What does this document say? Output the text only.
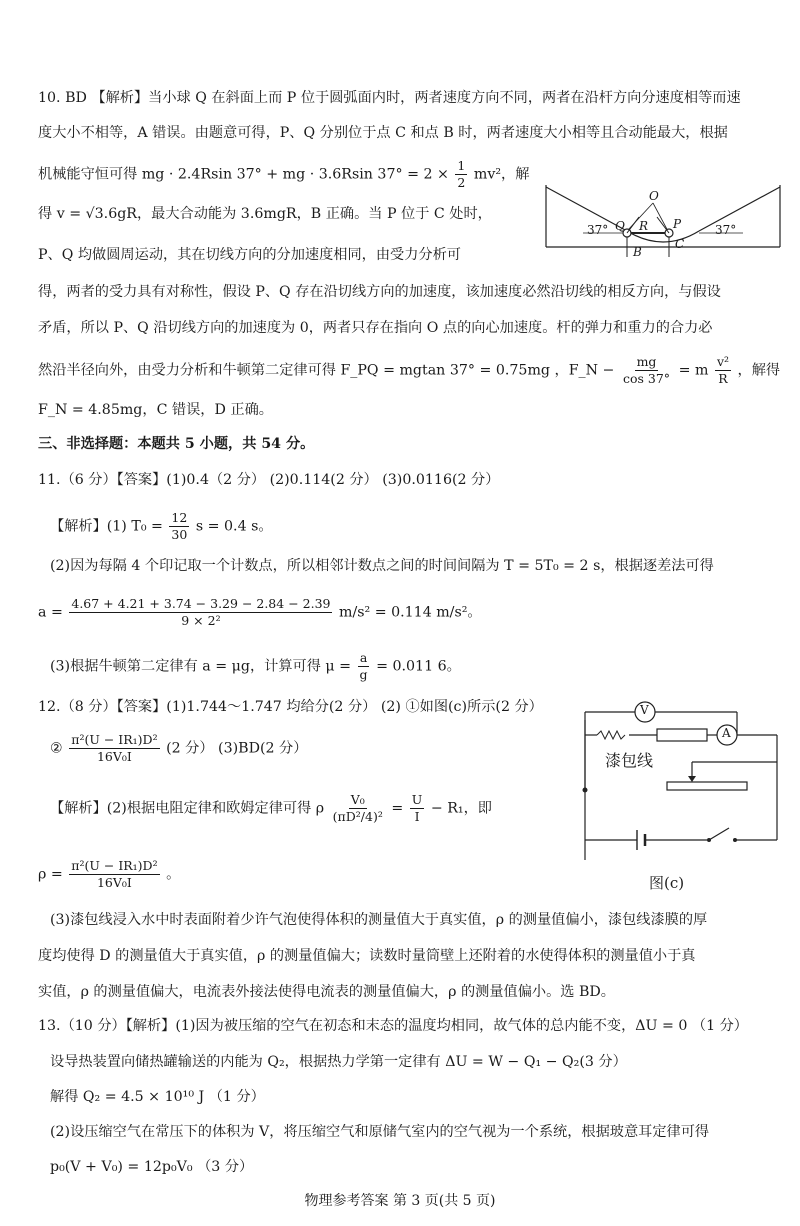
10. BD 【解析】当小球 Q 在斜面上而 P 位于圆弧面内时，两者速度方向不同，两者在沿杆方向分速度相等而速
度大小不相等，A 错误。由题意可得，P、Q 分别位于点 C 和点 B 时，两者速度大小相等且合动能最大，根据
机械能守恒可得 mg · 2.4Rsin 37° + mg · 3.6Rsin $37^\circ = 2 \times \frac{1}{2} mv^2$，解
得 v = √3.6gR，最大合动能为 3.6mgR，B 正确。当 P 位于 C 处时，
P、Q 均做圆周运动，其在切线方向的分加速度相同，由受力分析可
得，两者的受力具有对称性，假设 P、Q 存在沿切线方向的加速度，该加速度必然沿切线的相反方向，与假设
矛盾，所以 P、Q 沿切线方向的加速度为 0，两者只存在指向 O 点的向心加速度。杆的弹力和重力的合力必
然沿半径向外，由受力分析和牛顿第二定律可得 F_PQ = mgtan 37° = 0.75mg ，F_N − $\frac{mg}{\cos 37^\circ} = m \frac{\text{v²}}{R}$ ，解得
F_N = 4.85mg，C 错误，D 正确。
37° Q R
O
P
C
37°
B
三、非选择题：本题共 5 小题，共 54 分。
11.（6 分）【答案】(1)0.4（2 分） (2)0.114(2 分） (3)0.0116(2 分）
【解析】(1) $T_0 = \frac{12}{30}$ s = 0.4 s。
(2)因为每隔 4 个印记取一个计数点，所以相邻计数点之间的时间间隔为 T = 5T₀ = 2 s，根据逐差法可得
$a = \frac{4.67 + 4.21 + 3.74 - 3.29 - 2.84 - 2.39}{\text{9 × 2²}} m/s^2 = 0.114$ m/s²。
(3)根据牛顿第二定律有 a = μg，计算可得 $\mu = \frac{a}{g} = 0.011$ 6。
12.（8 分）【答案】(1)1.744～1.747 均给分(2 分） (2) ①如图(c)所示(2 分）
② $\frac{\text{π²(U − IR₁)D²}}{\text{16V₀I}} (2$ 分） (3)BD(2 分）
【解析】(2)根据电阻定律和欧姆定律可得 ρ $\frac{\text{V₀}}{\text{(πD²/4)²}} = \frac{U}{I} - R_1$，即
$\rho = \frac{\text{π²(U − IR₁)D²}}{\text{16V₀I}}$ 。
(3)漆包线浸入水中时表面附着少许气泡使得体积的测量值大于真实值，ρ 的测量值偏小，漆包线漆膜的厚
度均使得 D 的测量值大于真实值，ρ 的测量值偏大；读数时量筒壁上还附着的水使得体积的测量值小于真
实值，ρ 的测量值偏大，电流表外接法使得电流表的测量值偏大，ρ 的测量值偏小。选 BD。
V
A
漆包线
图(c)
13.（10 分）【解析】(1)因为被压缩的空气在初态和末态的温度均相同，故气体的总内能不变，ΔU = 0 （1 分）
设导热装置向储热罐输送的内能为 Q₂，根据热力学第一定律有 ΔU = W − Q₁ − Q₂(3 分）
解得 Q₂ = 4.5 × 10¹⁰ J （1 分）
(2)设压缩空气在常压下的体积为 V，将压缩空气和原储气室内的空气视为一个系统，根据玻意耳定律可得
p₀(V + V₀) = 12p₀V₀ （3 分）
物理参考答案 第 3 页(共 5 页)
